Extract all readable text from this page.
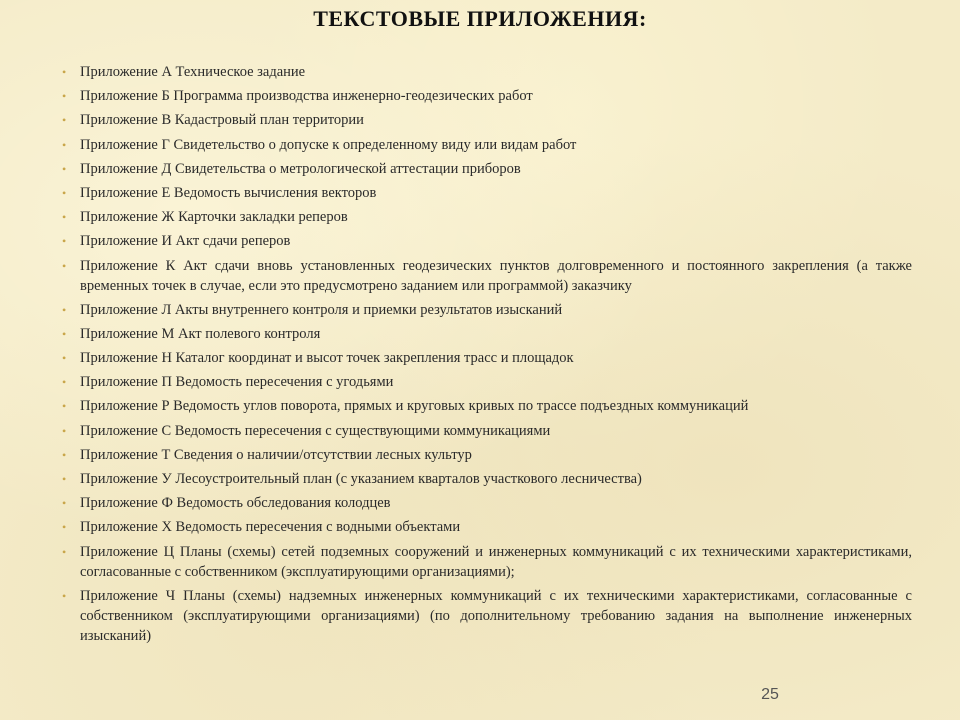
ТЕКСТОВЫЕ ПРИЛОЖЕНИЯ:
• Приложение А Техническое задание
• Приложение Б Программа производства инженерно-геодезических работ
• Приложение В Кадастровый план территории
• Приложение Г Свидетельство о допуске к определенному виду или видам работ
• Приложение Д Свидетельства о метрологической аттестации приборов
• Приложение Е Ведомость вычисления векторов
• Приложение Ж Карточки закладки реперов
• Приложение И Акт сдачи реперов
• Приложение К Акт сдачи вновь установленных геодезических пунктов долговременного и постоянного закрепления (а также временных точек в случае, если это предусмотрено заданием или программой) заказчику
• Приложение Л Акты внутреннего контроля и приемки результатов изысканий
• Приложение М Акт полевого контроля
• Приложение Н Каталог координат и высот точек закрепления трасс и площадок
• Приложение П Ведомость пересечения с угодьями
• Приложение Р Ведомость углов поворота, прямых и круговых кривых по трассе подъездных коммуникаций
• Приложение С Ведомость пересечения с существующими коммуникациями
• Приложение Т Сведения о наличии/отсутствии лесных культур
• Приложение У Лесоустроительный план (с указанием кварталов участкового лесничества)
• Приложение Ф Ведомость обследования колодцев
• Приложение Х Ведомость пересечения с водными объектами
• Приложение Ц Планы (схемы) сетей подземных сооружений и инженерных коммуникаций с их техническими характеристиками, согласованные с собственником (эксплуатирующими организациями);
• Приложение Ч Планы (схемы) надземных инженерных коммуникаций с их техническими характеристиками, согласованные с собственником (эксплуатирующими организациями) (по дополнительному требованию задания на выполнение инженерных изысканий)
25
